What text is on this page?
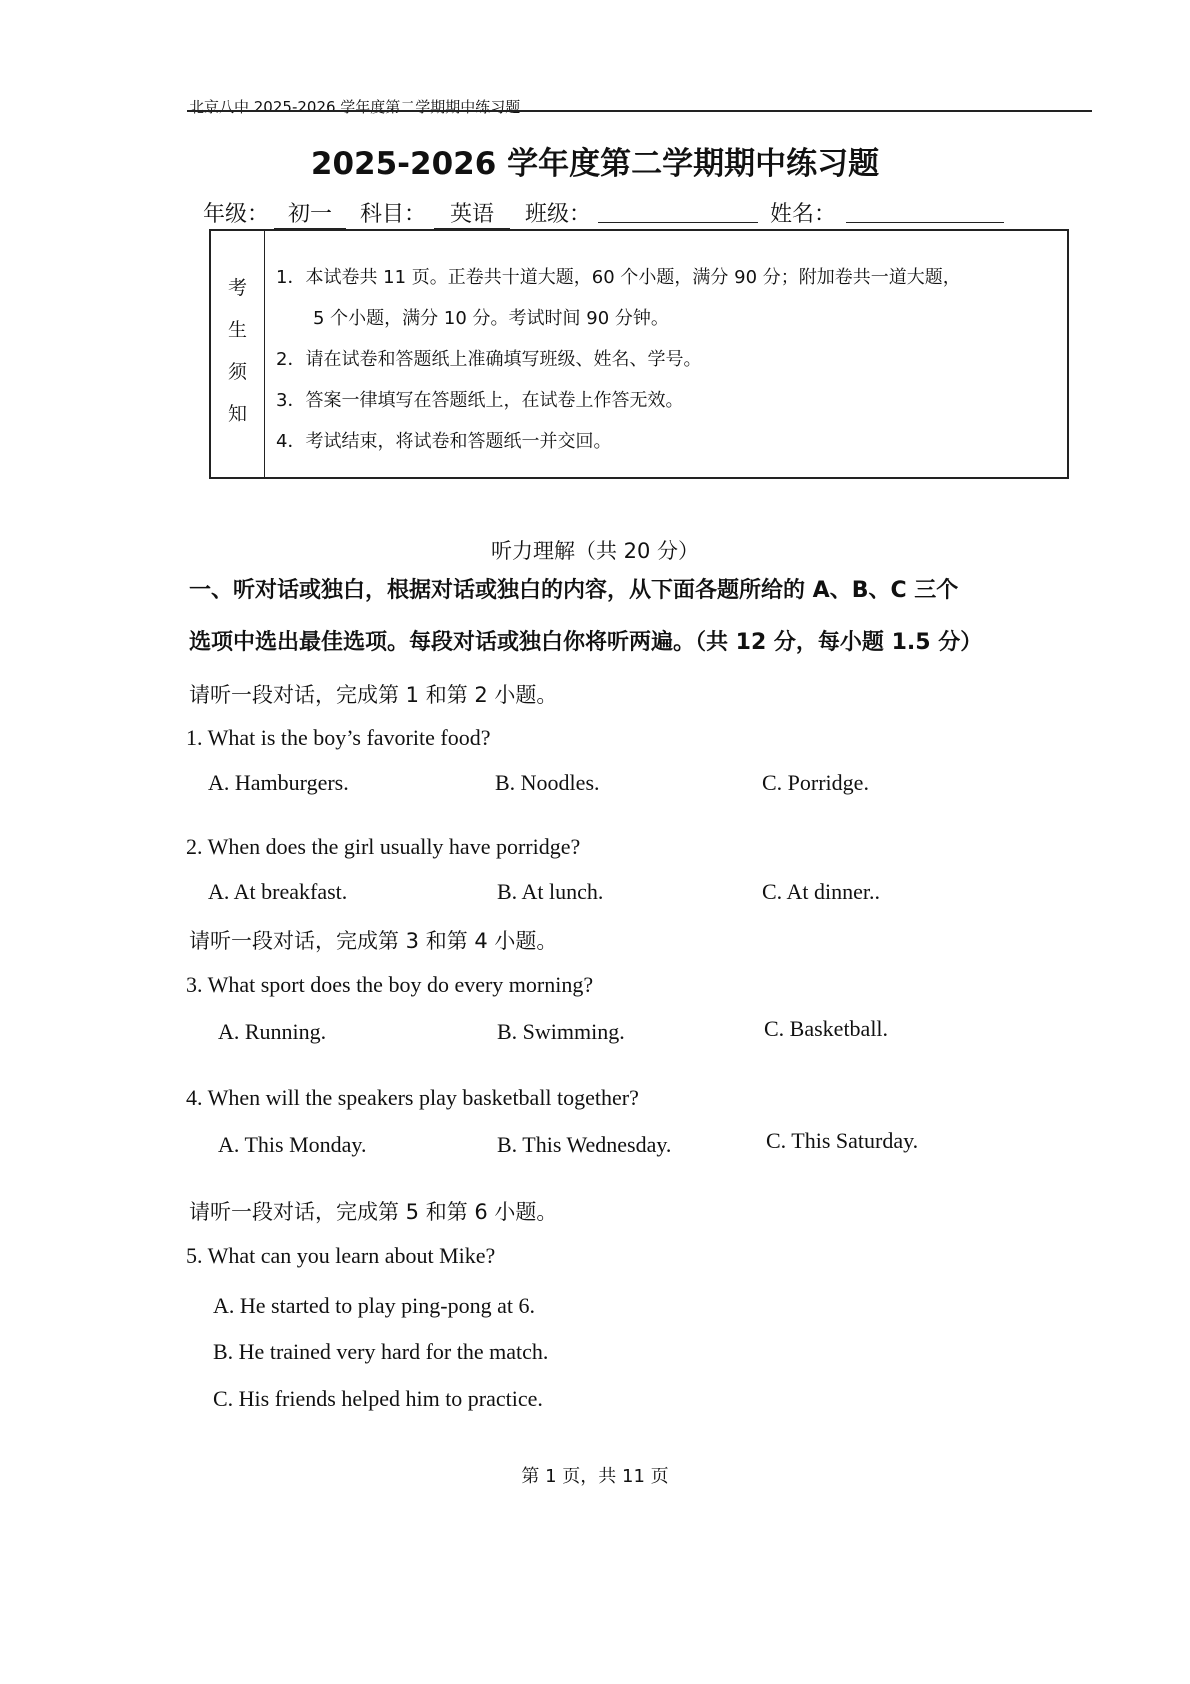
北京八中 2025-2026 学年度第二学期期中练习题
2025-2026 学年度第二学期期中练习题
年级： 初一	科目：	英语	班级：
	姓名：

考
生
须
知
1．本试卷共 11 页。正卷共十道大题，60 个小题，满分 90 分；附加卷共一道大题，
5 个小题，满分 10 分。考试时间 90 分钟。
2．请在试卷和答题纸上准确填写班级、姓名、学号。
3．答案一律填写在答题纸上，在试卷上作答无效。
4．考试结束，将试卷和答题纸一并交回。
听力理解（共 20 分）
一、听对话或独白，根据对话或独白的内容，从下面各题所给的 A、B、C 三个
选项中选出最佳选项。每段对话或独白你将听两遍。（共 12 分，每小题 1.5 分）
请听一段对话，完成第 1 和第 2 小题。
1. What is the boy’s favorite food?
A. Hamburgers.	B. Noodles.	C. Porridge.
2. When does the girl usually have porridge?
A. At breakfast.	B. At lunch.	C. At dinner..
请听一段对话，完成第 3 和第 4 小题。
3. What sport does the boy do every morning?
A. Running.	B. Swimming.	C. Basketball.
4. When will the speakers play basketball together?
A. This Monday.	B. This Wednesday.	C. This Saturday.
请听一段对话，完成第 5 和第 6 小题。
5. What can you learn about Mike?
A. He started to play ping-pong at 6.
B. He trained very hard for the match.
C. His friends helped him to practice.
第 1 页，共 11 页
